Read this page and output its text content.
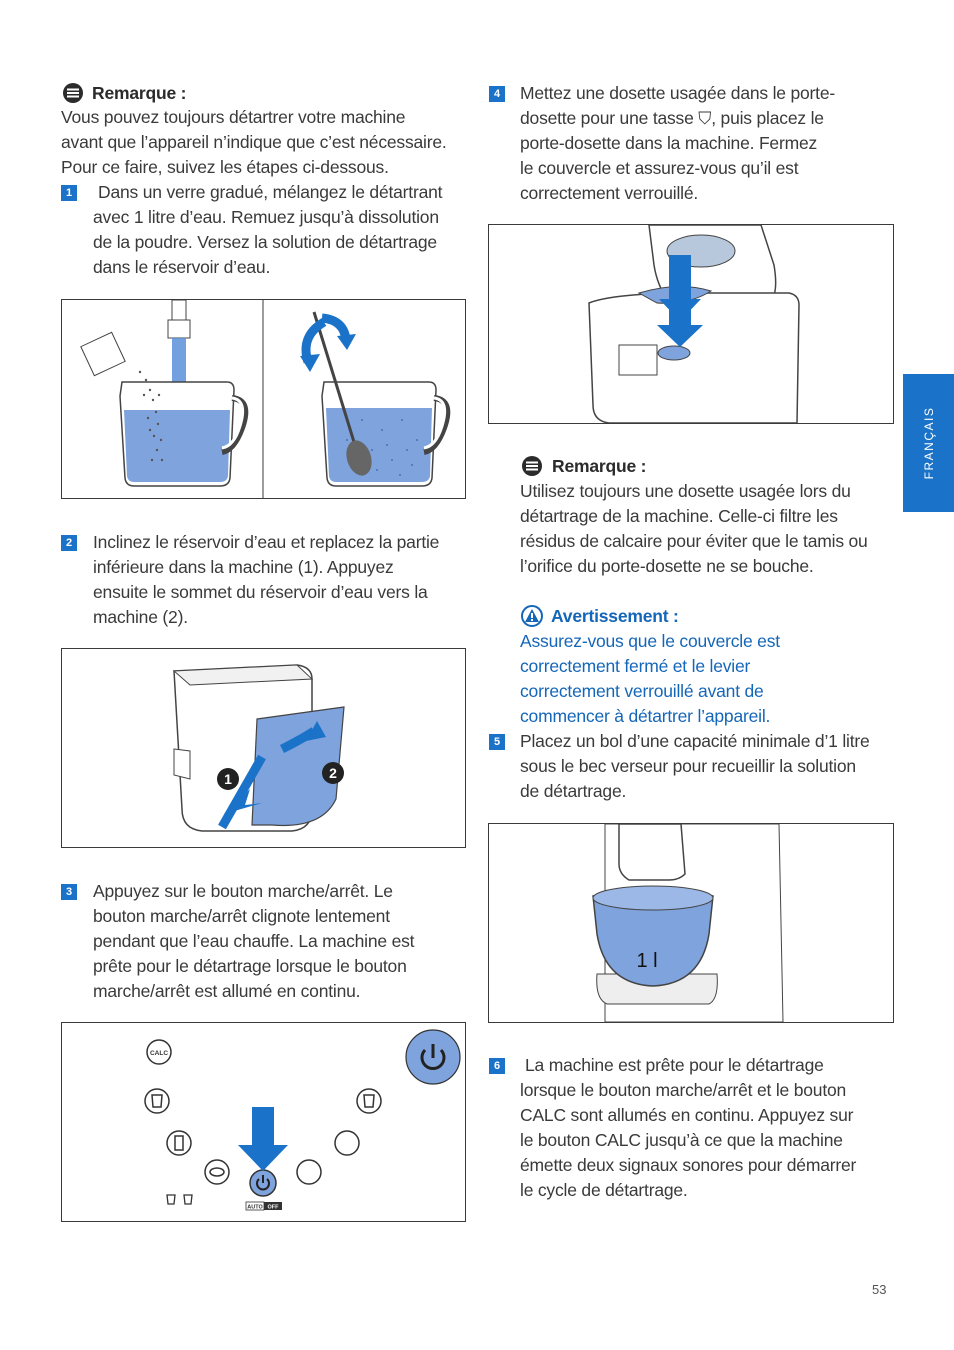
Remarque :
Vous pouvez toujours détartrer votre machine
avant que l’appareil n’indique que c’est nécessaire.
Pour ce faire, suivez les étapes ci-dessous.
1 Dans un verre gradué, mélangez le détartrant
avec 1 litre d’eau. Remuez jusqu’à dissolution
de la poudre. Versez la solution de détartrage
dans le réservoir d’eau.
2 Inclinez le réservoir d’eau et replacez la partie
inférieure dans la machine (1). Appuyez
ensuite le sommet du réservoir d’eau vers la
machine (2).
1	2
3 Appuyez sur le bouton marche/arrêt. Le
bouton marche/arrêt clignote lentement
pendant que l’eau chauffe. La machine est
prête pour le détartrage lorsque le bouton
marche/arrêt est allumé en continu.
CALC
AUTO OFF
4 Mettez une dosette usagée dans le porte-
dosette pour une tasse ⛉, puis placez le
porte-dosette dans la machine. Fermez
le couvercle et assurez-vous qu’il est
correctement verrouillé.
Remarque :
Utilisez toujours une dosette usagée lors du
détartrage de la machine. Celle-ci filtre les
résidus de calcaire pour éviter que le tamis ou
l’orifice du porte-dosette ne se bouche.
Avertissement :
Assurez-vous que le couvercle est
correctement fermé et le levier
correctement verrouillé avant de
commencer à détartrer l’appareil.
5 Placez un bol d’une capacité minimale d’1 litre
sous le bec verseur pour recueillir la solution
de détartrage.
1 l
6 La machine est prête pour le détartrage
lorsque le bouton marche/arrêt et le bouton
CALC sont allumés en continu. Appuyez sur
le bouton CALC jusqu’à ce que la machine
émette deux signaux sonores pour démarrer
le cycle de détartrage.
FRANÇAIS
53
